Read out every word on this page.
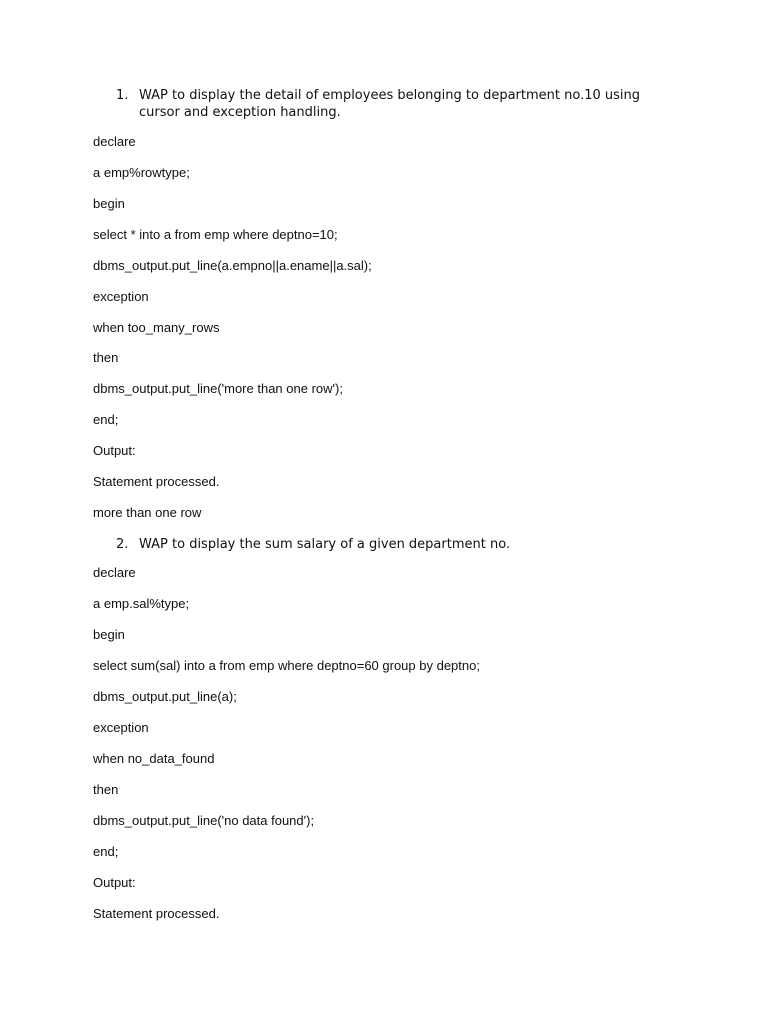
1. WAP to display the detail of employees belonging to department no.10 using cursor and exception handling.
declare
a emp%rowtype;
begin
select * into a from emp where deptno=10;
dbms_output.put_line(a.empno||a.ename||a.sal);
exception
when too_many_rows
then
dbms_output.put_line('more than one row');
end;
Output:
Statement processed.
more than one row
2. WAP to display the sum salary of a given department no.
declare
a emp.sal%type;
begin
select sum(sal) into a from emp where deptno=60 group by deptno;
dbms_output.put_line(a);
exception
when no_data_found
then
dbms_output.put_line('no data found');
end;
Output:
Statement processed.
